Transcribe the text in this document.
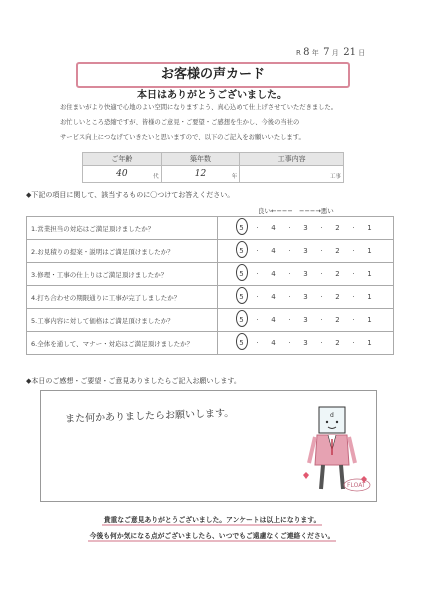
R 8 年 7 月 21 日
お客様の声カード
本日はありがとうございました。
お住まいがより快適で心地のよい空間になりますよう、真心込めて仕上げさせていただきました。
お忙しいところ恐縮ですが、皆様のご意見・ご要望・ご感想を生かし、今後の当社の
サービス向上につなげていきたいと思いますので、以下のご記入をお願いいたします。
ご年齢	築年数	工事内容
40 代	12 年	工事
◆下記の項目に関して、該当するものに〇つけてお答えください。
良い←−−− −−−→悪い
1.営業担当の対応はご満足頂けましたか？	5 · 4 · 3 · 2 · 1
2.お見積りの提案・説明はご満足頂けましたか？	5 · 4 · 3 · 2 · 1
3.修理・工事の仕上りはご満足頂けましたか？	5 · 4 · 3 · 2 · 1
4.打ち合わせの期限通りに工事が完了しましたか？	5 · 4 · 3 · 2 · 1
5.工事内容に対して価格はご満足頂けましたか？	5 · 4 · 3 · 2 · 1
6.全体を通して、マナー・対応はご満足頂けましたか？	5 · 4 · 3 · 2 · 1
◆本日のご感想・ご要望・ご意見ありましたらご記入お願いします。
また何かありましたらお願いします。	d
FLOAT
貴重なご意見ありがとうございました。アンケートは以上になります。
今後も何か気になる点がございましたら、いつでもご遠慮なくご連絡ください。
